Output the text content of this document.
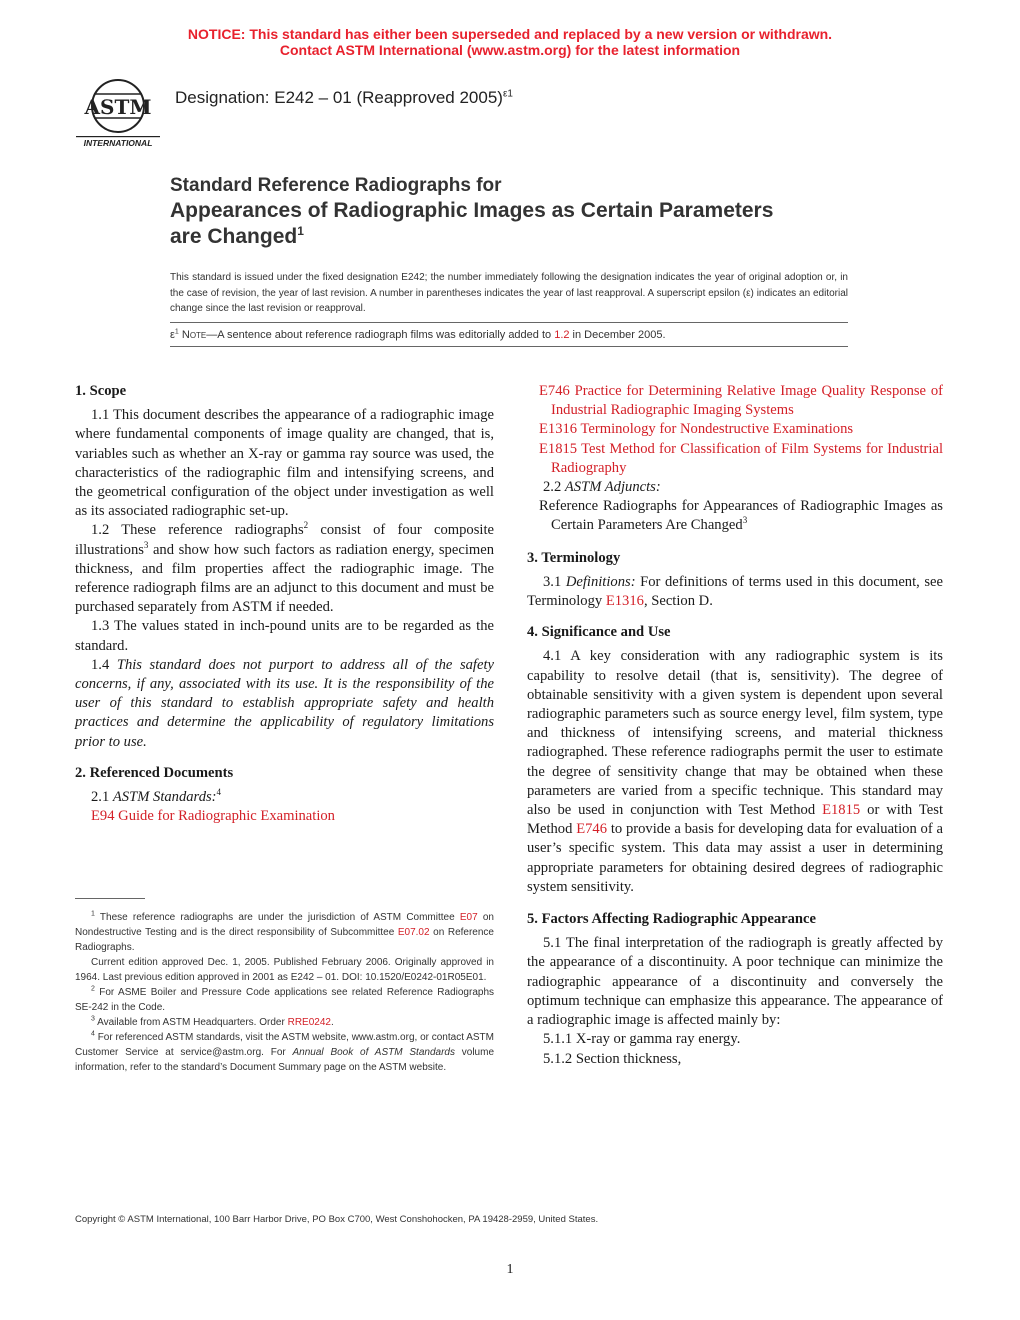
NOTICE: This standard has either been superseded and replaced by a new version or withdrawn.
Contact ASTM International (www.astm.org) for the latest information
ASTM
INTERNATIONAL
Designation: E242 – 01 (Reapproved 2005)$^{\varepsilon 1}$
Standard Reference Radiographs for
Appearances of Radiographic Images as Certain Parameters
are Changed$^1$
This standard is issued under the fixed designation E242; the number immediately following the designation indicates the year of original adoption or, in the case of revision, the year of last revision. A number in parentheses indicates the year of last reapproval. A superscript epsilon (ε) indicates an editorial change since the last revision or reapproval.
$\varepsilon^1$ Note—A sentence about reference radiograph films was editorially added to 1.2 in December 2005.
1. Scope

1.1 This document describes the appearance of a radiographic image where fundamental components of image quality are changed, that is, variables such as whether an X-ray or gamma ray source was used, the characteristics of the radiographic film and intensifying screens, and the geometrical configuration of the object under investigation as well as its associated radiographic set-up.

1.2 These reference radiographs$^2$ consist of four composite illustrations$^3$ and show how such factors as radiation energy, specimen thickness, and film properties affect the radiographic image. The reference radiograph films are an adjunct to this document and must be purchased separately from ASTM if needed.

1.3 The values stated in inch-pound units are to be regarded as the standard.

1.4 This standard does not purport to address all of the safety concerns, if any, associated with its use. It is the responsibility of the user of this standard to establish appropriate safety and health practices and determine the applicability of regulatory limitations prior to use.

2. Referenced Documents

2.1 ASTM Standards:$^4$

E94 Guide for Radiographic Examination

$^1$ These reference radiographs are under the jurisdiction of ASTM Committee E07 on Nondestructive Testing and is the direct responsibility of Subcommittee E07.02 on Reference Radiographs.

Current edition approved Dec. 1, 2005. Published February 2006. Originally approved in 1964. Last previous edition approved in 2001 as E242 – 01. DOI: 10.1520/E0242-01R05E01.

$^2$ For ASME Boiler and Pressure Code applications see related Reference Radiographs SE-242 in the Code.

$^3$ Available from ASTM Headquarters. Order RRE0242.

$^4$ For referenced ASTM standards, visit the ASTM website, www.astm.org, or contact ASTM Customer Service at service@astm.org. For Annual Book of ASTM Standards volume information, refer to the standard’s Document Summary page on the ASTM website.

E746 Practice for Determining Relative Image Quality Response of Industrial Radiographic Imaging Systems

E1316 Terminology for Nondestructive Examinations

E1815 Test Method for Classification of Film Systems for Industrial Radiography

2.2 ASTM Adjuncts:

Reference Radiographs for Appearances of Radiographic Images as Certain Parameters Are Changed$^3$

3. Terminology

3.1 Definitions: For definitions of terms used in this document, see Terminology E1316, Section D.

4. Significance and Use

4.1 A key consideration with any radiographic system is its capability to resolve detail (that is, sensitivity). The degree of obtainable sensitivity with a given system is dependent upon several radiographic parameters such as source energy level, film system, type and thickness of intensifying screens, and material thickness radiographed. These reference radiographs permit the user to estimate the degree of sensitivity change that may be obtained when these parameters are varied from a specific technique. This standard may also be used in conjunction with Test Method E1815 or with Test Method E746 to provide a basis for developing data for evaluation of a user’s specific system. This data may assist a user in determining appropriate parameters for obtaining desired degrees of radiographic system sensitivity.

5. Factors Affecting Radiographic Appearance

5.1 The final interpretation of the radiograph is greatly affected by the appearance of a discontinuity. A poor technique can minimize the radiographic appearance of a discontinuity and conversely the optimum technique can emphasize this appearance. The appearance of a radiographic image is affected mainly by:

5.1.1 X-ray or gamma ray energy.

5.1.2 Section thickness,

Copyright © ASTM International, 100 Barr Harbor Drive, PO Box C700, West Conshohocken, PA 19428-2959, United States.
1
